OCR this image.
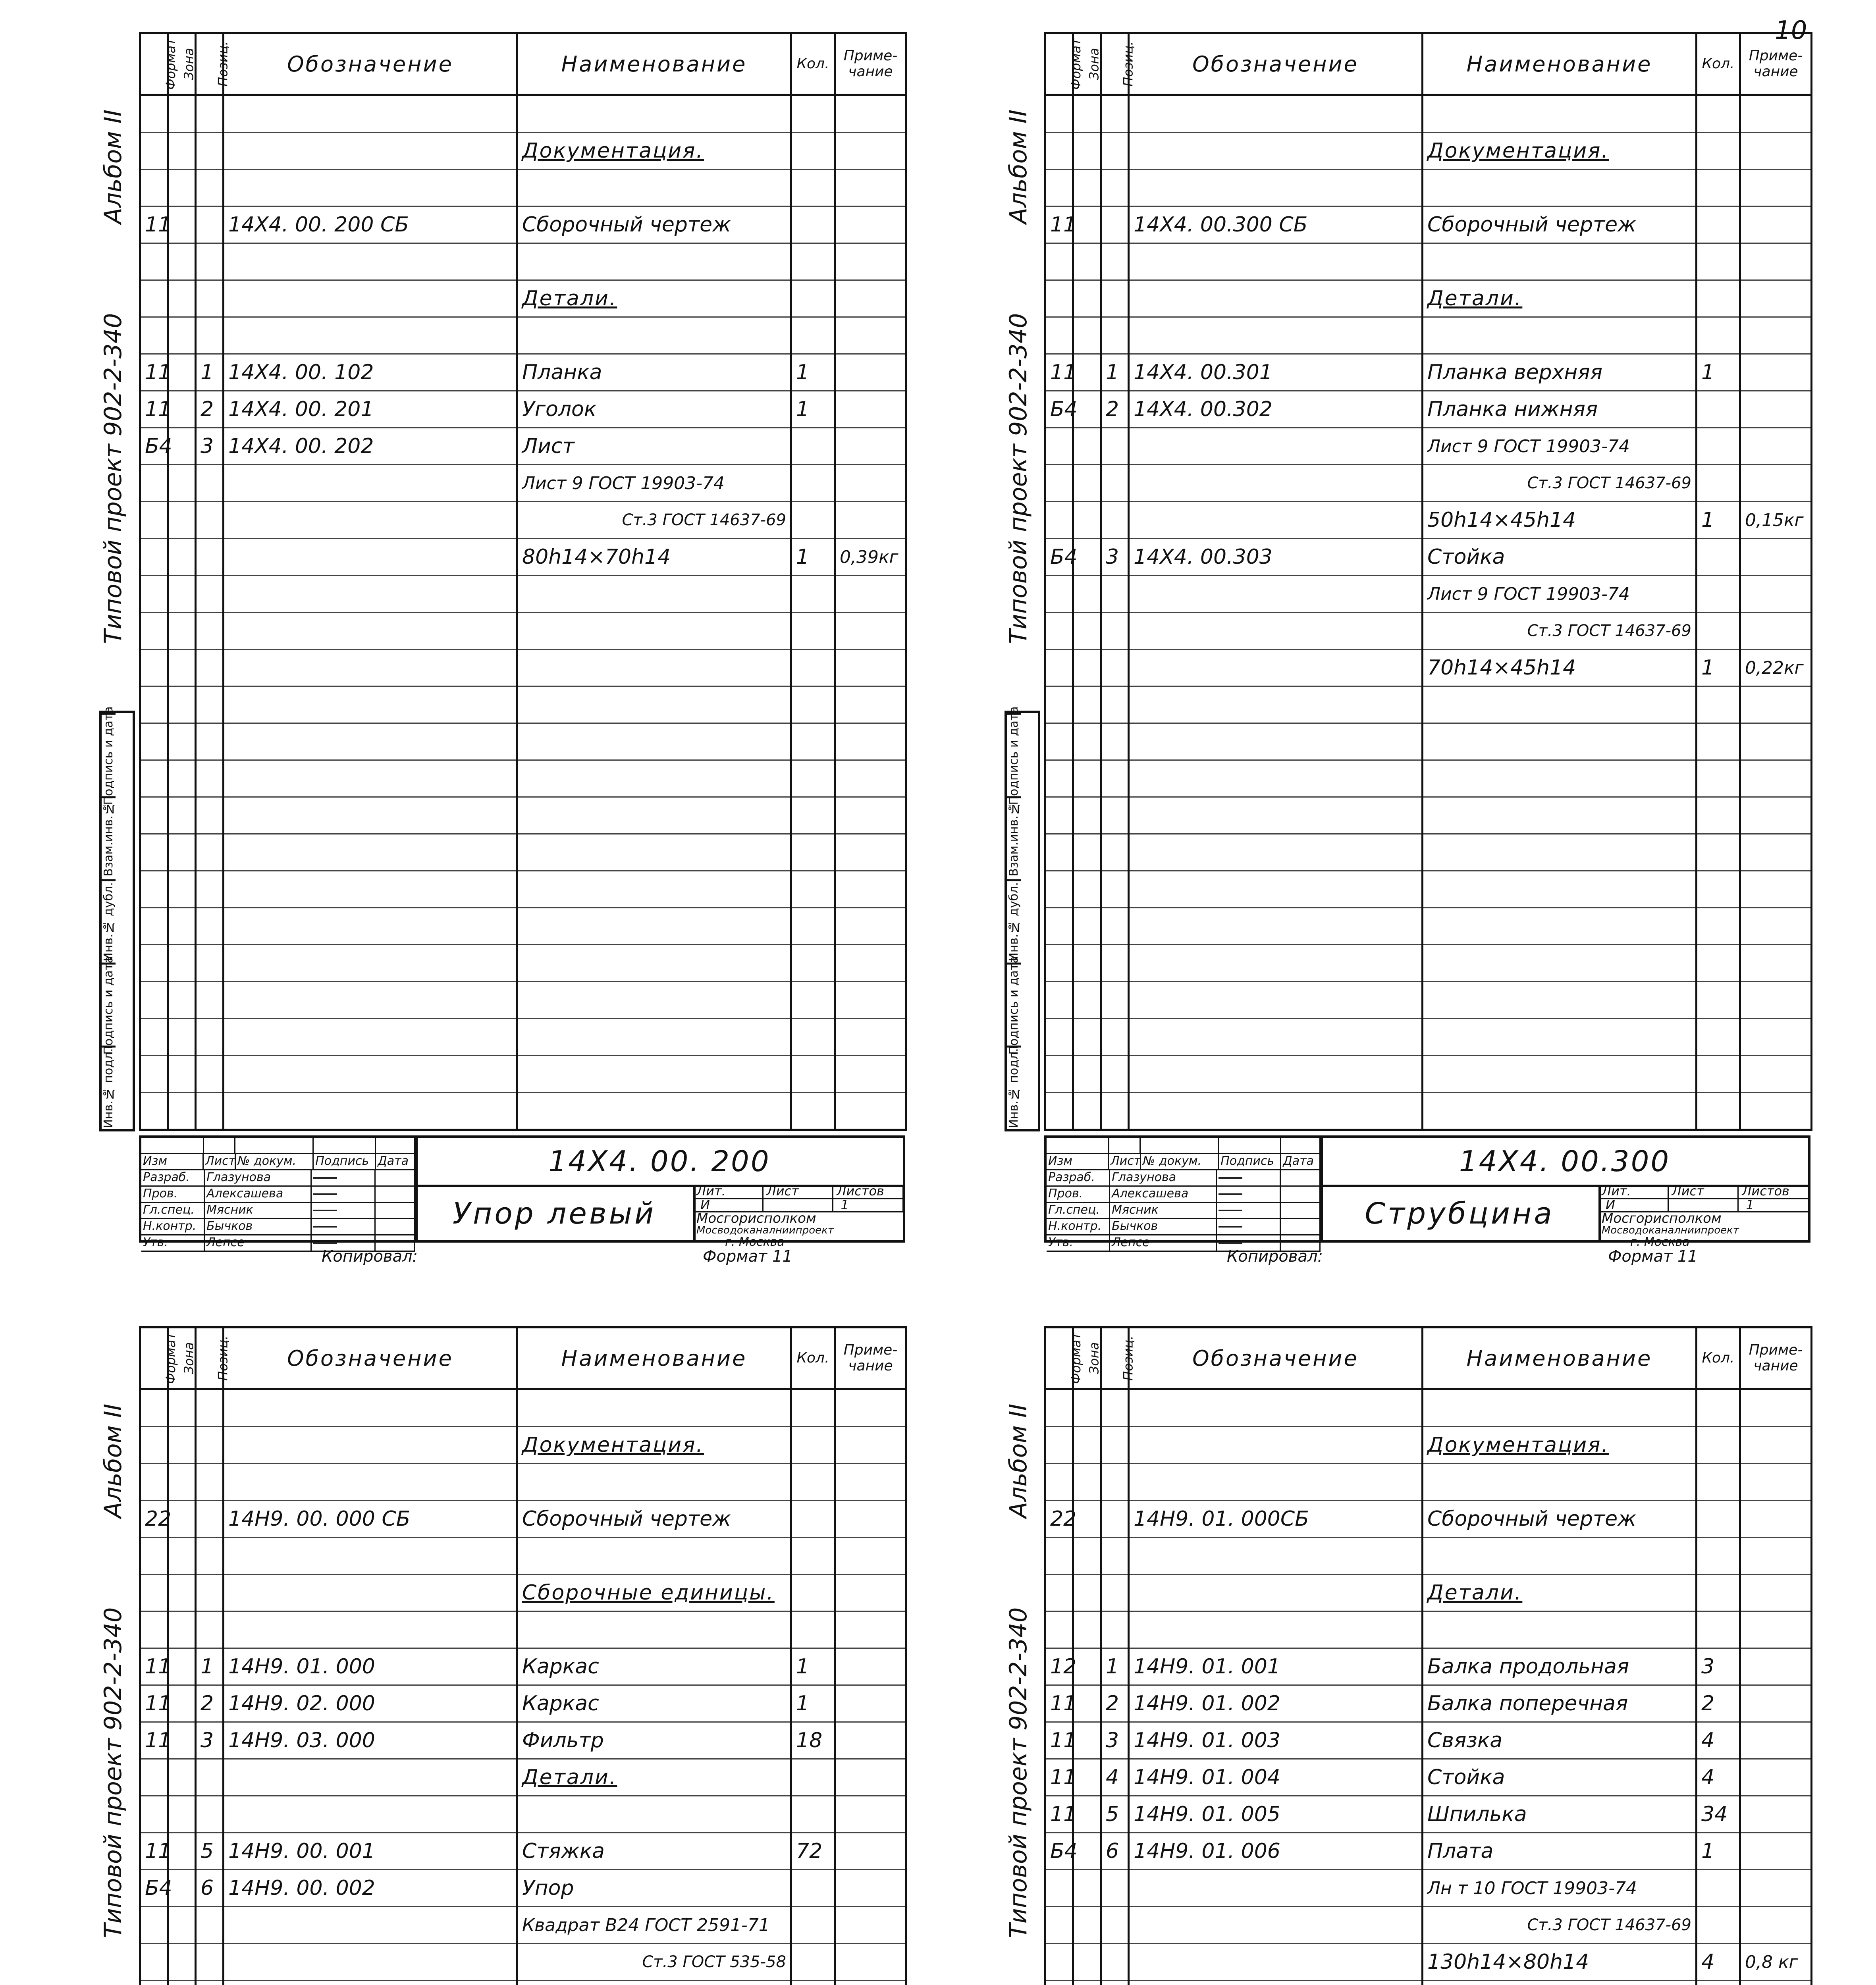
10
Альбом II
Типовой проект 902-2-340
Подпись и дата
Взам.инв.№
Инв.№ дубл.
Подпись и дата
Инв.№ подл.
Формат	Зона	Позиц.	Обозначение	Наименование	Кол.	Приме-чание

				Документация.		

11			14Х4. 00. 200 СБ	Сборочный чертеж		

				Детали.		

11		1	14Х4. 00. 102	Планка	1	
11		2	14Х4. 00. 201	Уголок	1	
Б4		3	14Х4. 00. 202	Лист		
				Лист 9 ГОСТ 19903-74		
				Ст.3 ГОСТ 14637-69		
				80h14×70h14	1	0,39кг

Изм	Лист № докум.	Подпись Дата
Разраб.	Глазунова
Пров.	Алексашева
Гл.спец.	Мясник
Н.контр. Бычков
Утв.	Лепсе
14Х4. 00. 200
Упор левый
Лит.	Лист	Листов
И	1
Мосгорисполком
Мосводоканалниипроект
г. Москва
Копировал:	Формат 11
Альбом II
Типовой проект 902-2-340
Подпись и дата
Взам.инв.№
Инв.№ дубл.
Подпись и дата
Инв.№ подл.
Формат	Зона	Позиц.	Обозначение	Наименование	Кол.	Приме-чание

				Документация.		

11			14Х4. 00.300 СБ	Сборочный чертеж		

				Детали.		

11		1	14Х4. 00.301	Планка верхняя	1	
Б4		2	14Х4. 00.302	Планка нижняя		
				Лист 9 ГОСТ 19903-74		
				Ст.3 ГОСТ 14637-69		
				50h14×45h14	1	0,15кг
Б4		3	14Х4. 00.303	Стойка		
				Лист 9 ГОСТ 19903-74		
				Ст.3 ГОСТ 14637-69		
				70h14×45h14	1	0,22кг

Изм	Лист № докум.	Подпись Дата
Разраб.	Глазунова
Пров.	Алексашева
Гл.спец.	Мясник
Н.контр. Бычков
Утв.	Лепсе
14Х4. 00.300
Струбцина
Лит.	Лист	Листов
И	1
Мосгорисполком
Мосводоканалниипроект
г. Москва
Копировал:	Формат 11
Альбом II
Типовой проект 902-2-340
Формат	Зона	Позиц.	Обозначение	Наименование	Кол.	Приме-чание

				Документация.		

22			14Н9. 00. 000 СБ	Сборочный чертеж		

				Сборочные единицы.		

11		1	14Н9. 01. 000	Каркас	1	
11		2	14Н9. 02. 000	Каркас	1	
11		3	14Н9. 03. 000	Фильтр	18	
				Детали.		

11		5	14Н9. 00. 001	Стяжка	72	
Б4		6	14Н9. 00. 002	Упор		
				Квадрат В24 ГОСТ 2591-71		
				Ст.3 ГОСТ 535-58		

Альбом II
Типовой проект 902-2-340
Формат	Зона	Позиц.	Обозначение	Наименование	Кол.	Приме-чание

				Документация.		

22			14Н9. 01. 000СБ	Сборочный чертеж		

				Детали.		

12		1	14Н9. 01. 001	Балка продольная	3	
11		2	14Н9. 01. 002	Балка поперечная	2	
11		3	14Н9. 01. 003	Связка	4	
11		4	14Н9. 01. 004	Стойка	4	
11		5	14Н9. 01. 005	Шпилька	34	
Б4		6	14Н9. 01. 006	Плата	1	
				Лн т 10 ГОСТ 19903-74		
				Ст.3 ГОСТ 14637-69		
				130h14×80h14	4	0,8 кг
